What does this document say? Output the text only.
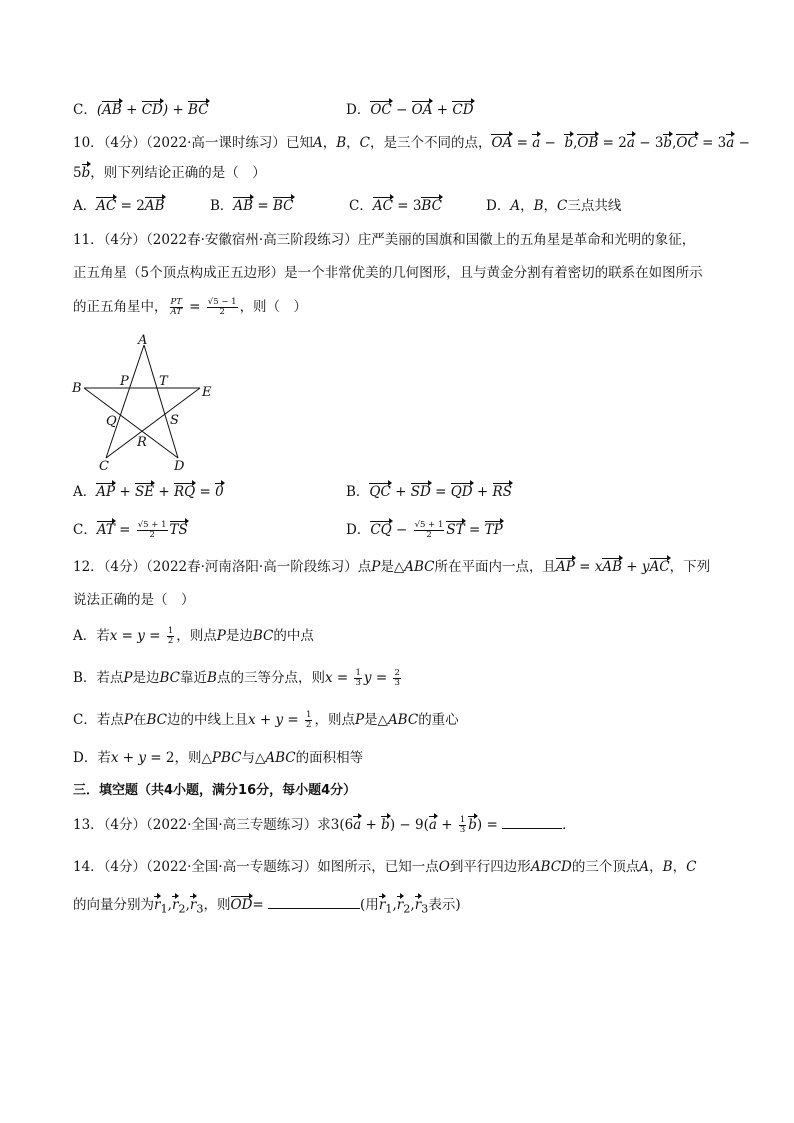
C．(AB + CD) + BC	D．OC − OA + CD
10．（4分）（2022·高一课时练习）已知A，B，C，是三个不同的点，OA = a −  b,OB = 2a − 3b,OC = 3a −
5b，则下列结论正确的是（　）
A．AC = 2AB	B．AB = BC	C．AC = 3BC	D．A，B，C三点共线
11．（4分）（2022春·安徽宿州·高三阶段练习）庄严美丽的国旗和国徽上的五角星是革命和光明的象征，
正五角星（5个顶点构成正五边形）是一个非常优美的几何图形，且与黄金分割有着密切的联系在如图所示
的正五角星中， $\frac{PT}{AT} = \frac{√5 - 1}{2}$ ，则（　）
A
B	E
P T
Q	S
R
C	D
A．AP + SE + RQ = 0	B．QC + SD = QD + RS
C．AT = $\frac{√5 + 1}{2}$ TS	D．CQ − $\frac{√5 + 1}{2}$ ST = TP
12．（4分）（2022春·河南洛阳·高一阶段练习）点P是△ABC所在平面内一点，且AP = xAB + yAC，下列
说法正确的是（　）
A．若$x = y = \frac{1}{2}$ ，则点P是边BC的中点
B．若点P是边BC靠近B点的三等分点，则$x = \frac{1}{3}$ $y = \frac{2}{3}$
C．若点P在BC边的中线上且$x + y = \frac{1}{2}$ ，则点P是△ABC的重心
D．若x + y = 2，则△PBC与△ABC的面积相等
三．填空题（共4小题，满分16分，每小题4分）
13．（4分）（2022·全国·高三专题练习）求$3(6a + b) - 9(a + \frac{1}{3} b)$ =	．
14．（4分）（2022·全国·高一专题练习）如图所示，已知一点O到平行四边形ABCD的三个顶点A，B，C
的向量分别为$r_1,r_2,r_3$，则OD=	(用$r_1,r_2,r_3$表示)
